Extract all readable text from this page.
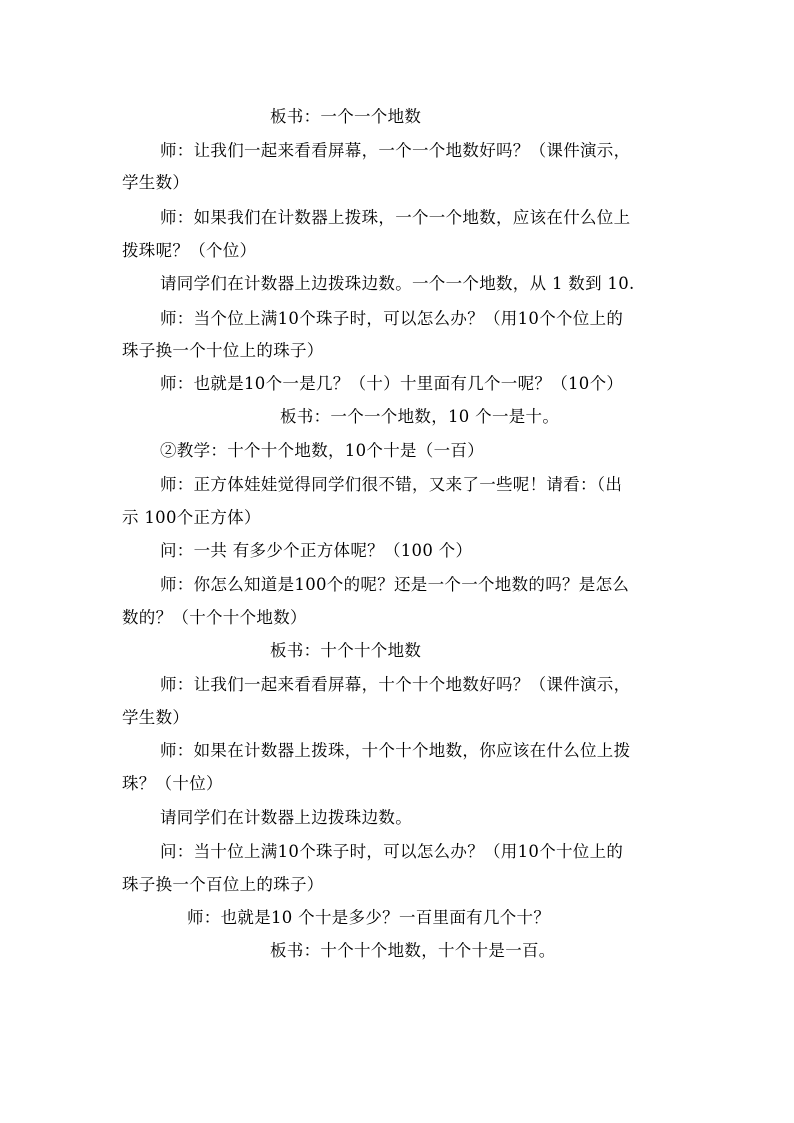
板书：一个一个地数
师：让我们一起来看看屏幕，一个一个地数好吗？（课件演示，
学生数）
师：如果我们在计数器上拨珠，一个一个地数，应该在什么位上
拨珠呢？（个位）
请同学们在计数器上边拨珠边数。一个一个地数，从 1 数到 10.
师：当个位上满10个珠子时，可以怎么办？（用10个个位上的
珠子换一个十位上的珠子）
师：也就是10个一是几？（十）十里面有几个一呢？（10个）
板书：一个一个地数，10 个一是十。
②教学：十个十个地数，10个十是（一百）
师：正方体娃娃觉得同学们很不错，又来了一些呢！请看：（出
示 100个正方体）
问：一共 有多少个正方体呢？（100 个）
师：你怎么知道是100个的呢？还是一个一个地数的吗？是怎么
数的？（十个十个地数）
板书：十个十个地数
师：让我们一起来看看屏幕，十个十个地数好吗？（课件演示，
学生数）
师：如果在计数器上拨珠，十个十个地数，你应该在什么位上拨
珠？（十位）
请同学们在计数器上边拨珠边数。
问：当十位上满10个珠子时，可以怎么办？（用10个十位上的
珠子换一个百位上的珠子）
师：也就是10 个十是多少？一百里面有几个十？
板书：十个十个地数，十个十是一百。
